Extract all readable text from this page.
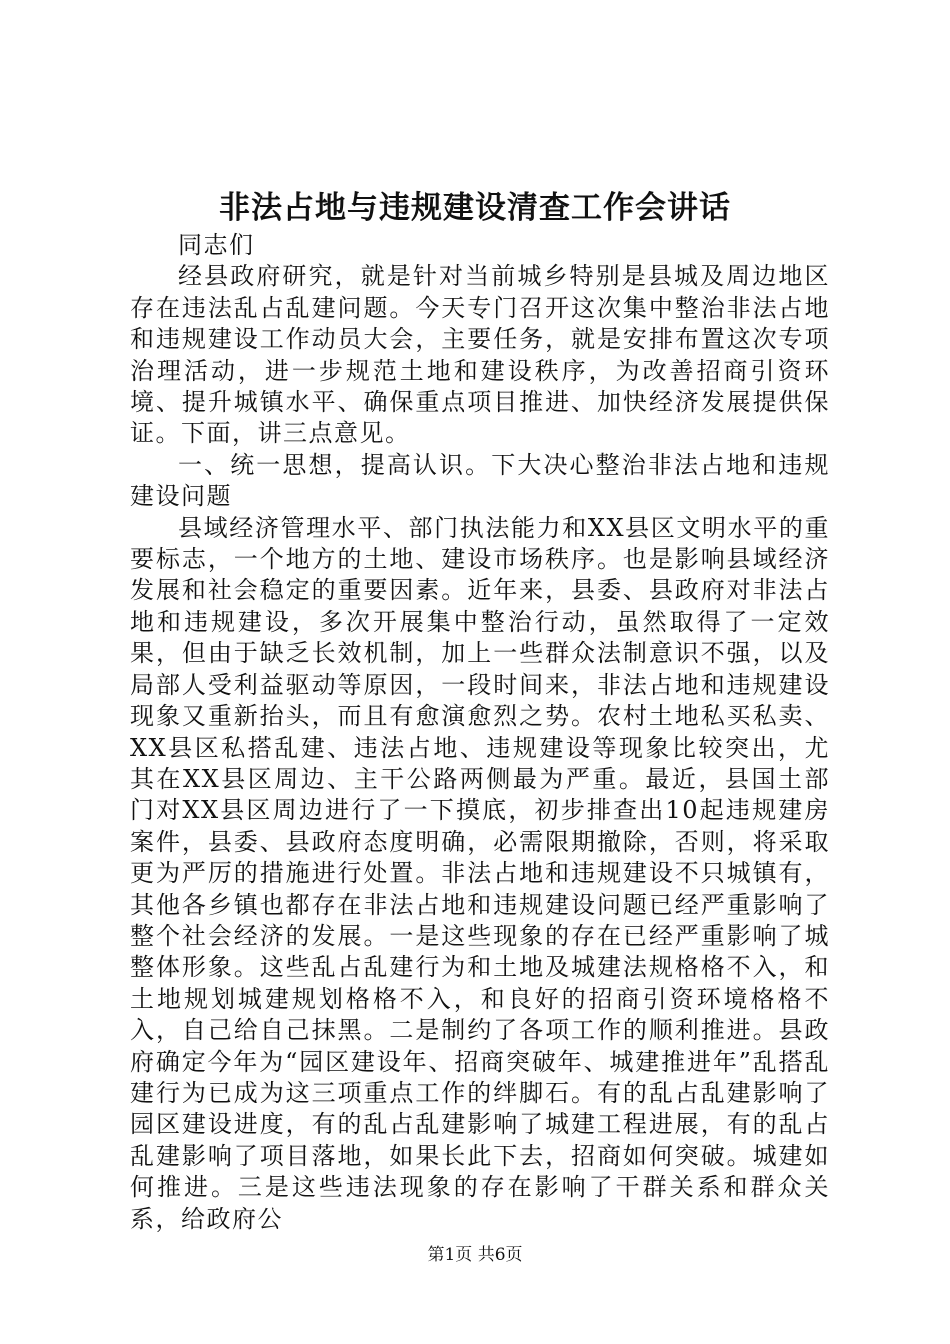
非法占地与违规建设清查工作会讲话

同志们

经县政府研究，就是针对当前城乡特别是县城及周边地区存在违法乱占乱建问题。今天专门召开这次集中整治非法占地和违规建设工作动员大会，主要任务，就是安排布置这次专项治理活动，进一步规范土地和建设秩序，为改善招商引资环境、提升城镇水平、确保重点项目推进、加快经济发展提供保证。下面，讲三点意见。

一、统一思想，提高认识。下大决心整治非法占地和违规建设问题

县域经济管理水平、部门执法能力和XX县区文明水平的重要标志，一个地方的土地、建设市场秩序。也是影响县域经济发展和社会稳定的重要因素。近年来，县委、县政府对非法占地和违规建设，多次开展集中整治行动，虽然取得了一定效果，但由于缺乏长效机制，加上一些群众法制意识不强，以及局部人受利益驱动等原因，一段时间来，非法占地和违规建设现象又重新抬头，而且有愈演愈烈之势。农村土地私买私卖、XX县区私搭乱建、违法占地、违规建设等现象比较突出，尤其在XX县区周边、主干公路两侧最为严重。最近，县国土部门对XX县区周边进行了一下摸底，初步排查出10起违规建房案件，县委、县政府态度明确，必需限期撤除，否则，将采取更为严厉的措施进行处置。非法占地和违规建设不只城镇有，其他各乡镇也都存在非法占地和违规建设问题已经严重影响了整个社会经济的发展。一是这些现象的存在已经严重影响了城整体形象。这些乱占乱建行为和土地及城建法规格格不入，和土地规划城建规划格格不入，和良好的招商引资环境格格不入，自己给自己抹黑。二是制约了各项工作的顺利推进。县政府确定今年为“园区建设年、招商突破年、城建推进年”乱搭乱建行为已成为这三项重点工作的绊脚石。有的乱占乱建影响了园区建设进度，有的乱占乱建影响了城建工程进展，有的乱占乱建影响了项目落地，如果长此下去，招商如何突破。城建如何推进。三是这些违法现象的存在影响了干群关系和群众关系，给政府公

第1页 共6页
